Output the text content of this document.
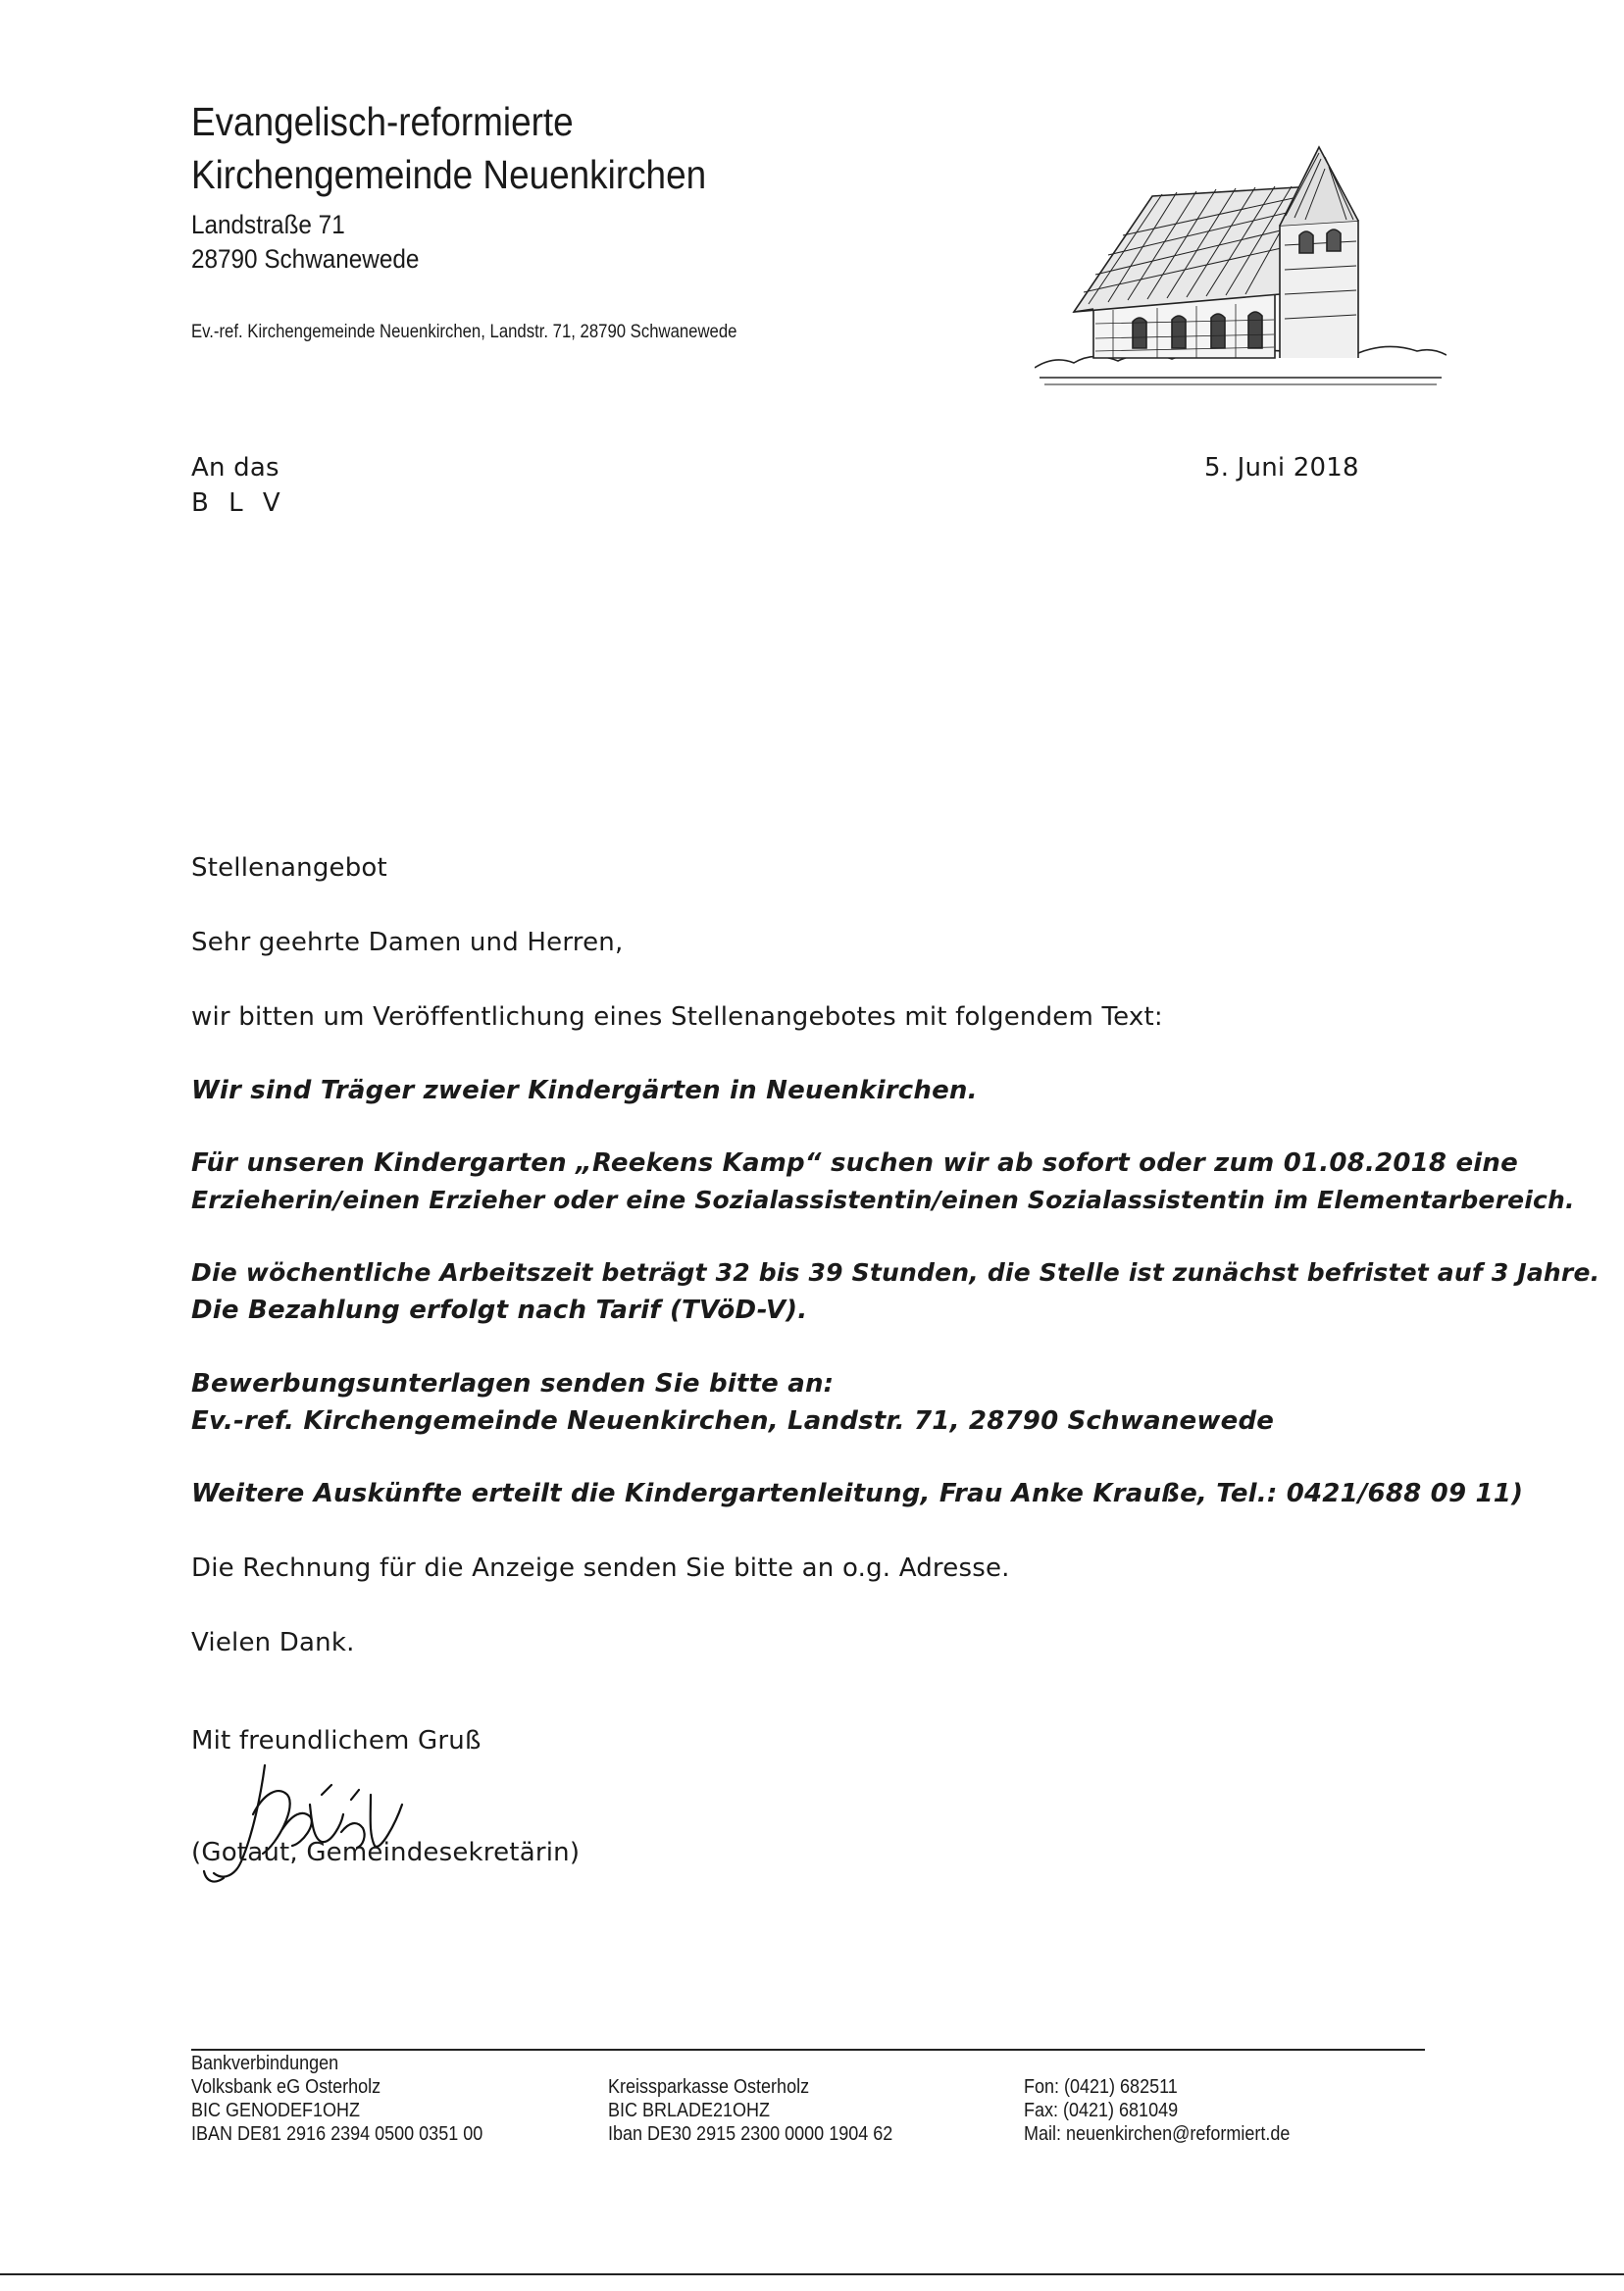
Evangelisch-reformierte
Kirchengemeinde Neuenkirchen
Landstraße 71
28790 Schwanewede
Ev.-ref. Kirchengemeinde Neuenkirchen, Landstr. 71, 28790 Schwanewede
An das
B L V
5. Juni 2018
Stellenangebot
Sehr geehrte Damen und Herren,
wir bitten um Veröffentlichung eines Stellenangebotes mit folgendem Text:
Wir sind Träger zweier Kindergärten in Neuenkirchen.
Für unseren Kindergarten „Reekens Kamp“ suchen wir ab sofort oder zum 01.08.2018 eine
Erzieherin/einen Erzieher oder eine Sozialassistentin/einen Sozialassistentin im Elementarbereich.
Die wöchentliche Arbeitszeit beträgt 32 bis 39 Stunden, die Stelle ist zunächst befristet auf 3 Jahre.
Die Bezahlung erfolgt nach Tarif (TVöD-V).
Bewerbungsunterlagen senden Sie bitte an:
Ev.-ref. Kirchengemeinde Neuenkirchen, Landstr. 71, 28790 Schwanewede
Weitere Auskünfte erteilt die Kindergartenleitung, Frau Anke Krauße, Tel.: 0421/688 09 11)
Die Rechnung für die Anzeige senden Sie bitte an o.g. Adresse.
Vielen Dank.
Mit freundlichem Gruß
(Gotaut, Gemeindesekretärin)
Bankverbindungen
Volksbank eG Osterholz
BIC GENODEF1OHZ
IBAN DE81 2916 2394 0500 0351 00
Kreissparkasse Osterholz
BIC BRLADE21OHZ
Iban DE30 2915 2300 0000 1904 62
Fon: (0421) 682511
Fax: (0421) 681049
Mail: neuenkirchen@reformiert.de
